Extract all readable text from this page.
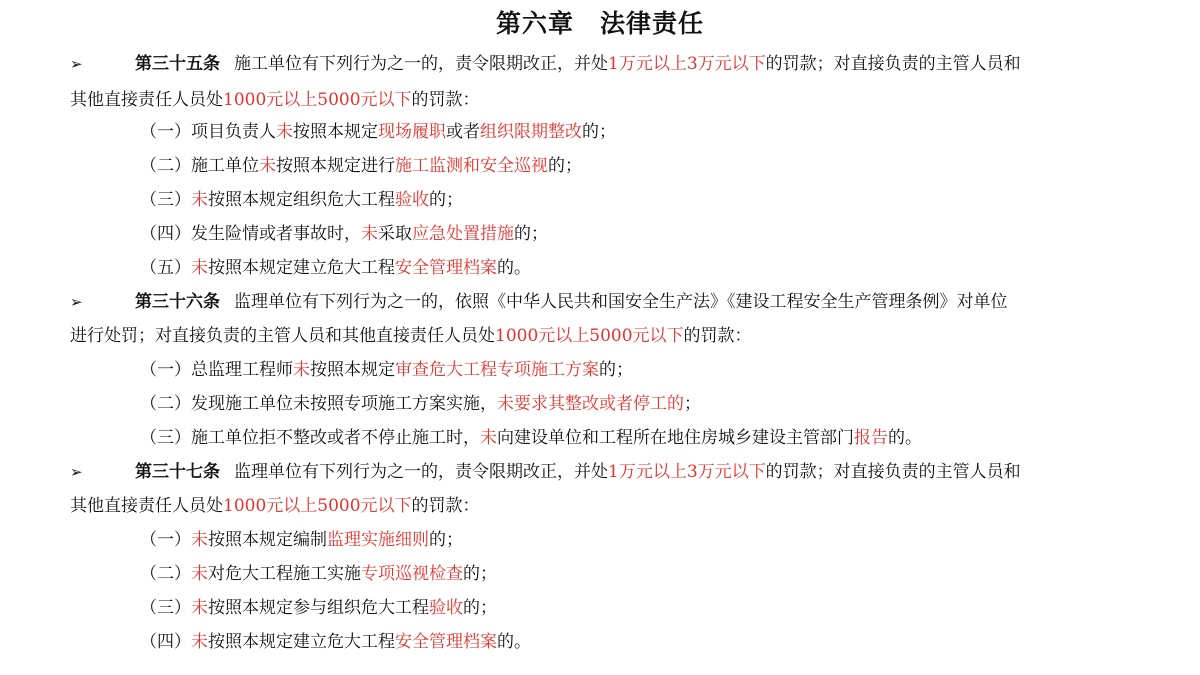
第六章　法律责任
➢	第三十五条 施工单位有下列行为之一的，责令限期改正，并处1万元以上3万元以下的罚款；对直接负责的主管人员和
其他直接责任人员处1000元以上5000元以下的罚款：
（一）项目负责人未按照本规定现场履职或者组织限期整改的；
（二）施工单位未按照本规定进行施工监测和安全巡视的；
（三）未按照本规定组织危大工程验收的；
（四）发生险情或者事故时，未采取应急处置措施的；
（五）未按照本规定建立危大工程安全管理档案的。
➢	第三十六条 监理单位有下列行为之一的，依照《中华人民共和国安全生产法》《建设工程安全生产管理条例》对单位
进行处罚；对直接负责的主管人员和其他直接责任人员处1000元以上5000元以下的罚款：
（一）总监理工程师未按照本规定审查危大工程专项施工方案的；
（二）发现施工单位未按照专项施工方案实施，未要求其整改或者停工的；
（三）施工单位拒不整改或者不停止施工时，未向建设单位和工程所在地住房城乡建设主管部门报告的。
➢	第三十七条 监理单位有下列行为之一的，责令限期改正，并处1万元以上3万元以下的罚款；对直接负责的主管人员和
其他直接责任人员处1000元以上5000元以下的罚款：
（一）未按照本规定编制监理实施细则的；
（二）未对危大工程施工实施专项巡视检查的；
（三）未按照本规定参与组织危大工程验收的；
（四）未按照本规定建立危大工程安全管理档案的。
